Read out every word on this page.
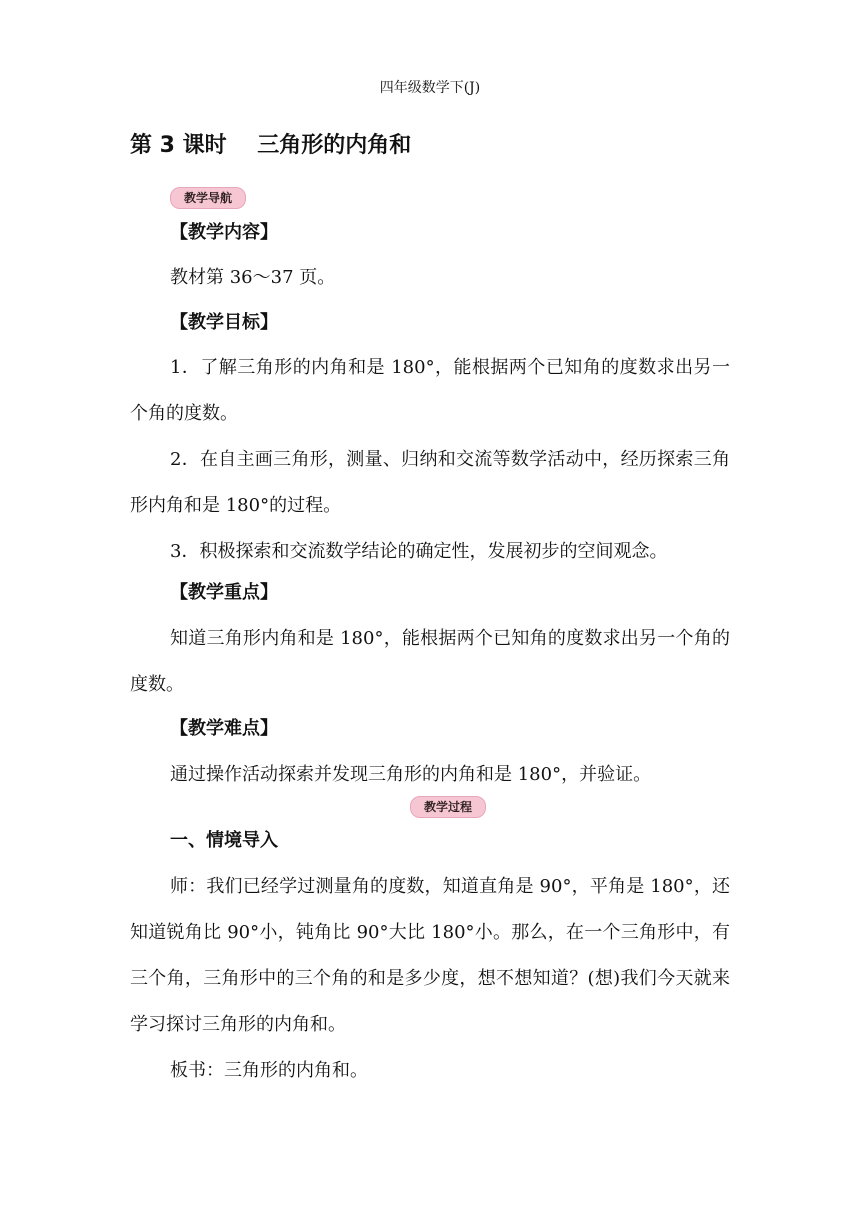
四年级数学下(J)
第 3 课时    三角形的内角和
教学导航
【教学内容】
教材第 36～37 页。
【教学目标】
1．了解三角形的内角和是 180°，能根据两个已知角的度数求出另一个角的度数。
2．在自主画三角形，测量、归纳和交流等数学活动中，经历探索三角形内角和是 180°的过程。
3．积极探索和交流数学结论的确定性，发展初步的空间观念。
【教学重点】
知道三角形内角和是 180°，能根据两个已知角的度数求出另一个角的度数。
【教学难点】
通过操作活动探索并发现三角形的内角和是 180°，并验证。
教学过程
一、情境导入
师：我们已经学过测量角的度数，知道直角是 90°，平角是 180°，还知道锐角比 90°小，钝角比 90°大比 180°小。那么，在一个三角形中，有三个角，三角形中的三个角的和是多少度，想不想知道？(想)我们今天就来学习探讨三角形的内角和。
板书：三角形的内角和。
